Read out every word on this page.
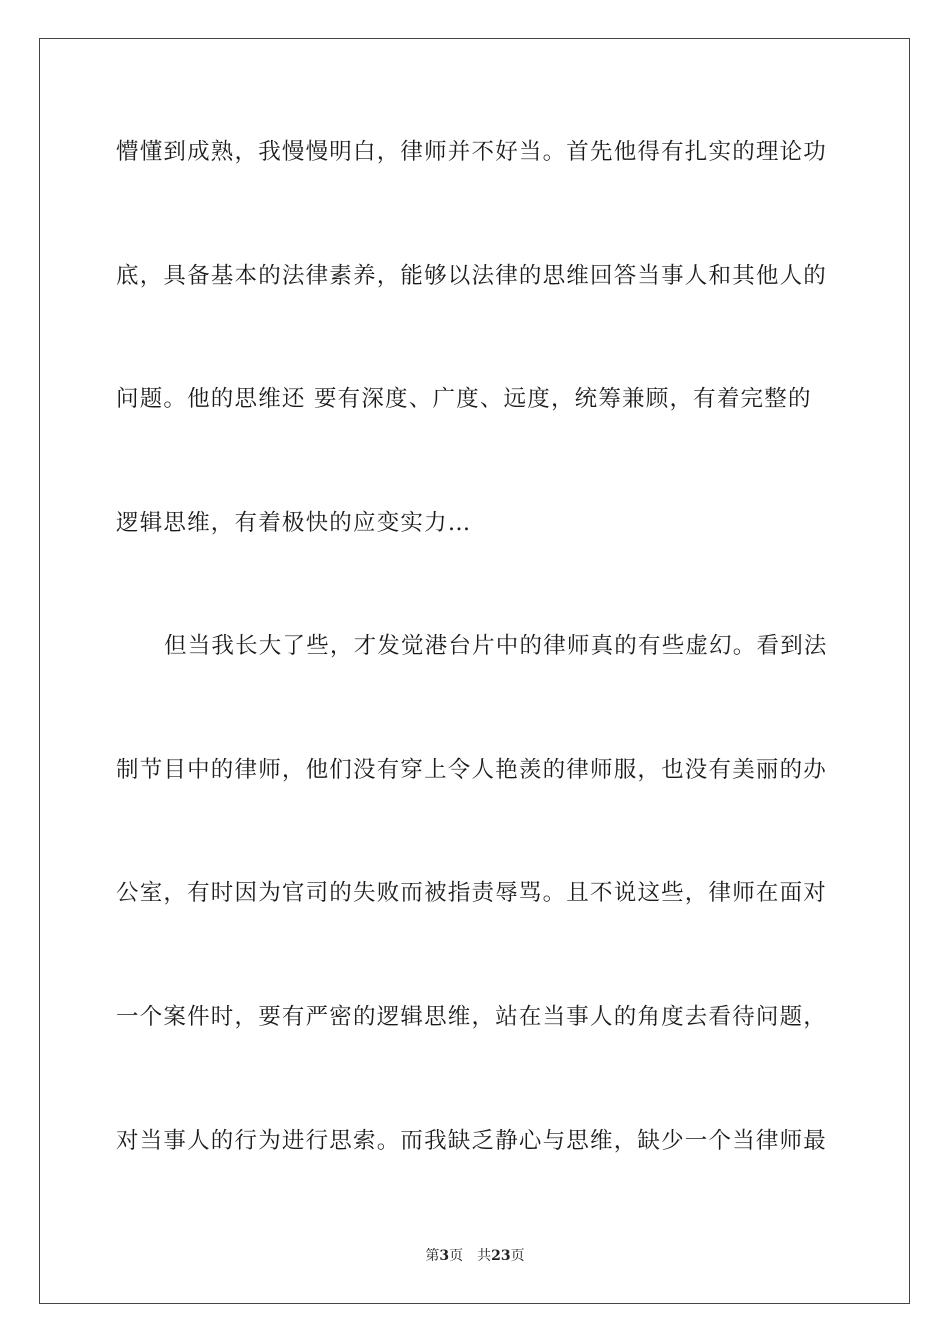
懵懂到成熟，我慢慢明白，律师并不好当。首先他得有扎实的理论功
底，具备基本的法律素养，能够以法律的思维回答当事人和其他人的
问题。他的思维还 要有深度、广度、远度，统筹兼顾，有着完整的
逻辑思维，有着极快的应变实力…
但当我长大了些，才发觉港台片中的律师真的有些虚幻。看到法
制节目中的律师，他们没有穿上令人艳羡的律师服，也没有美丽的办
公室，有时因为官司的失败而被指责辱骂。且不说这些，律师在面对
一个案件时，要有严密的逻辑思维，站在当事人的角度去看待问题，
对当事人的行为进行思索。而我缺乏静心与思维，缺少一个当律师最
第3页 共23页
